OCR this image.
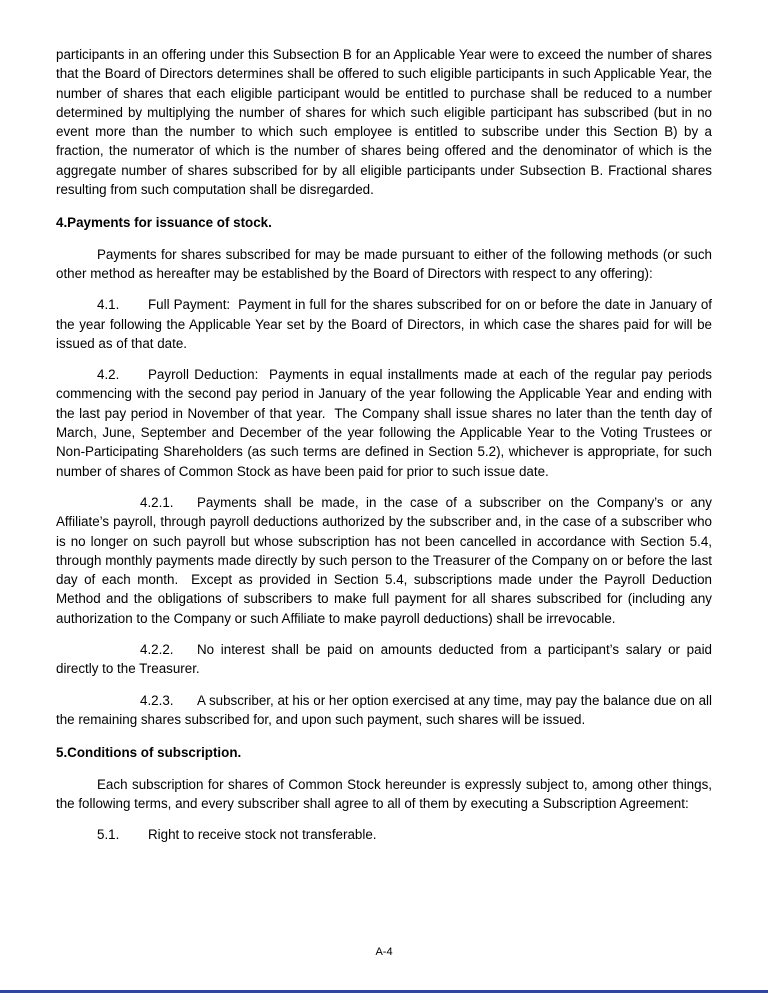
participants in an offering under this Subsection B for an Applicable Year were to exceed the number of shares that the Board of Directors determines shall be offered to such eligible participants in such Applicable Year, the number of shares that each eligible participant would be entitled to purchase shall be reduced to a number determined by multiplying the number of shares for which such eligible participant has subscribed (but in no event more than the number to which such employee is entitled to subscribe under this Section B) by a fraction, the numerator of which is the number of shares being offered and the denominator of which is the aggregate number of shares subscribed for by all eligible participants under Subsection B. Fractional shares resulting from such computation shall be disregarded.

4.Payments for issuance of stock.

Payments for shares subscribed for may be made pursuant to either of the following methods (or such other method as hereafter may be established by the Board of Directors with respect to any offering):

4.1. Full Payment:  Payment in full for the shares subscribed for on or before the date in January of the year following the Applicable Year set by the Board of Directors, in which case the shares paid for will be issued as of that date.

4.2. Payroll Deduction:  Payments in equal installments made at each of the regular pay periods commencing with the second pay period in January of the year following the Applicable Year and ending with the last pay period in November of that year.  The Company shall issue shares no later than the tenth day of March, June, September and December of the year following the Applicable Year to the Voting Trustees or Non-Participating Shareholders (as such terms are defined in Section 5.2), whichever is appropriate, for such number of shares of Common Stock as have been paid for prior to such issue date.

4.2.1. Payments shall be made, in the case of a subscriber on the Company’s or any Affiliate’s payroll, through payroll deductions authorized by the subscriber and, in the case of a subscriber who is no longer on such payroll but whose subscription has not been cancelled in accordance with Section 5.4, through monthly payments made directly by such person to the Treasurer of the Company on or before the last day of each month.  Except as provided in Section 5.4, subscriptions made under the Payroll Deduction Method and the obligations of subscribers to make full payment for all shares subscribed for (including any authorization to the Company or such Affiliate to make payroll deductions) shall be irrevocable.

4.2.2. No interest shall be paid on amounts deducted from a participant’s salary or paid directly to the Treasurer.

4.2.3. A subscriber, at his or her option exercised at any time, may pay the balance due on all the remaining shares subscribed for, and upon such payment, such shares will be issued.

5.Conditions of subscription.

Each subscription for shares of Common Stock hereunder is expressly subject to, among other things, the following terms, and every subscriber shall agree to all of them by executing a Subscription Agreement:

5.1. Right to receive stock not transferable.

A-4
